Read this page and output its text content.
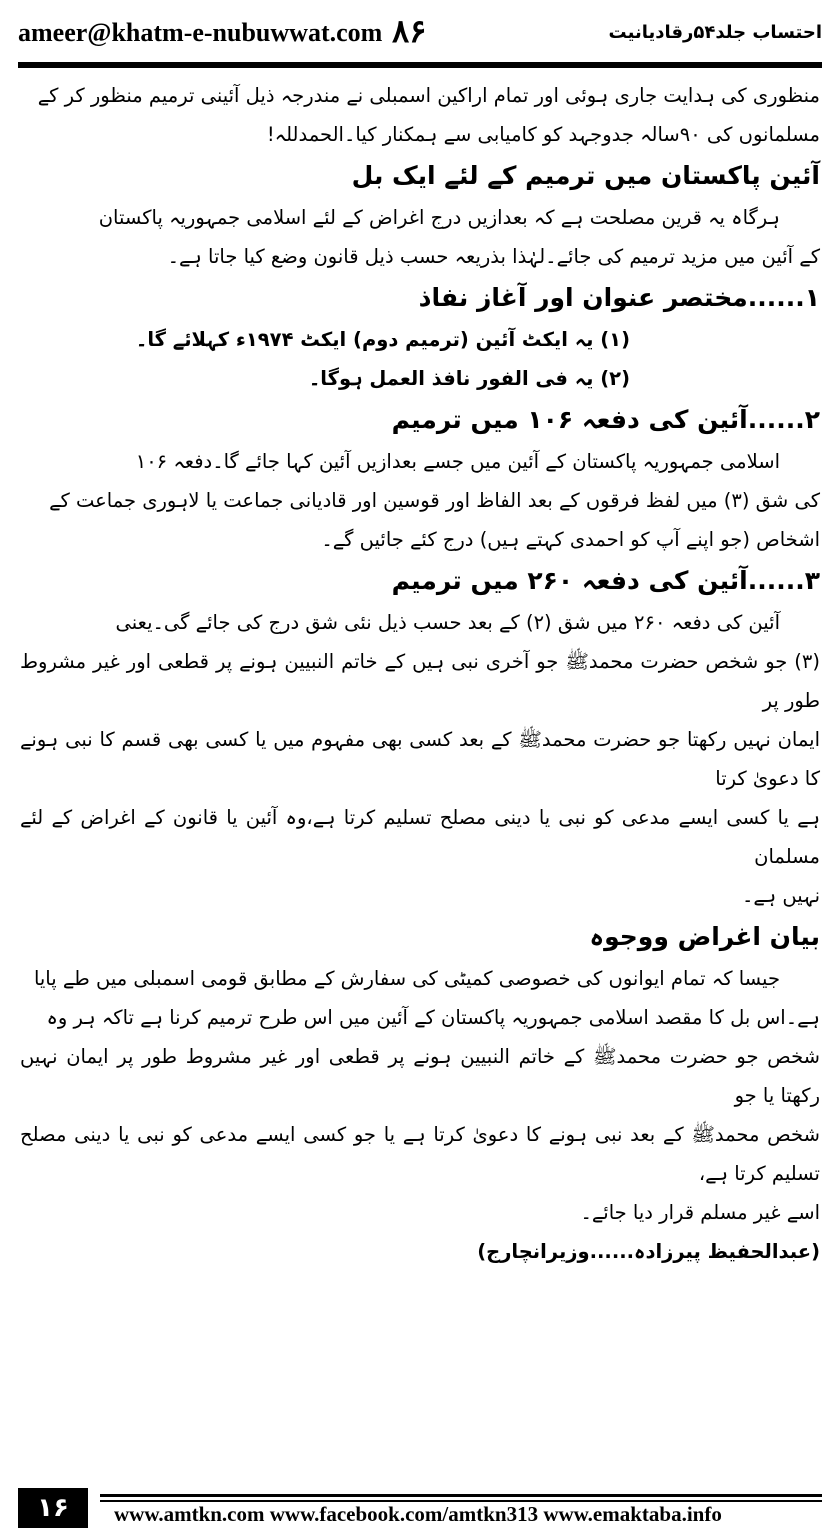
ameer@khatm-e-nubuwwat.com ۸۶	احتساب جلد۵۴رقادیانیت

منظوری کی ہدایت جاری ہوئی اور تمام اراکین اسمبلی نے مندرجہ ذیل آئینی ترمیم منظور کر کے

مسلمانوں کی ۹۰سالہ جدوجہد کو کامیابی سے ہمکنار کیا۔الحمدللہ!

آئین پاکستان میں ترمیم کے لئے ایک بل

ہرگاہ یہ قرین مصلحت ہے کہ بعدازیں درج اغراض کے لئے اسلامی جمہوریہ پاکستان

کے آئین میں مزید ترمیم کی جائے۔لہٰذا بذریعہ حسب ذیل قانون وضع کیا جاتا ہے۔

۱......مختصر عنوان اور آغاز نفاذ

(۱) یہ ایکٹ آئین (ترمیم دوم) ایکٹ ۱۹۷۴ء کہلائے گا۔

(۲) یہ فی الفور نافذ العمل ہوگا۔

۲......آئین کی دفعہ ۱۰۶ میں ترمیم

اسلامی جمہوریہ پاکستان کے آئین میں جسے بعدازیں آئین کہا جائے گا۔دفعہ ۱۰۶

کی شق (۳) میں لفظ فرقوں کے بعد الفاظ اور قوسین اور قادیانی جماعت یا لاہوری جماعت کے

اشخاص (جو اپنے آپ کو احمدی کہتے ہیں) درج کئے جائیں گے۔

۳......آئین کی دفعہ ۲۶۰ میں ترمیم

آئین کی دفعہ ۲۶۰ میں شق (۲) کے بعد حسب ذیل نئی شق درج کی جائے گی۔یعنی

(۳) جو شخص حضرت محمدﷺ جو آخری نبی ہیں کے خاتم النبیین ہونے پر قطعی اور غیر مشروط طور پر

ایمان نہیں رکھتا جو حضرت محمدﷺ کے بعد کسی بھی مفہوم میں یا کسی بھی قسم کا نبی ہونے کا دعویٰ کرتا

ہے یا کسی ایسے مدعی کو نبی یا دینی مصلح تسلیم کرتا ہے،وہ آئین یا قانون کے اغراض کے لئے مسلمان

نہیں ہے۔

بیان اغراض ووجوہ

جیسا کہ تمام ایوانوں کی خصوصی کمیٹی کی سفارش کے مطابق قومی اسمبلی میں طے پایا

ہے۔اس بل کا مقصد اسلامی جمہوریہ پاکستان کے آئین میں اس طرح ترمیم کرنا ہے تاکہ ہر وہ

شخص جو حضرت محمدﷺ کے خاتم النبیین ہونے پر قطعی اور غیر مشروط طور پر ایمان نہیں رکھتا یا جو

شخص محمدﷺ کے بعد نبی ہونے کا دعویٰ کرتا ہے یا جو کسی ایسے مدعی کو نبی یا دینی مصلح تسلیم کرتا ہے،

اسے غیر مسلم قرار دیا جائے۔

(عبدالحفیظ پیرزادہ......وزیرانچارج)

۱۶	www.amtkn.com www.facebook.com/amtkn313 www.emaktaba.info
